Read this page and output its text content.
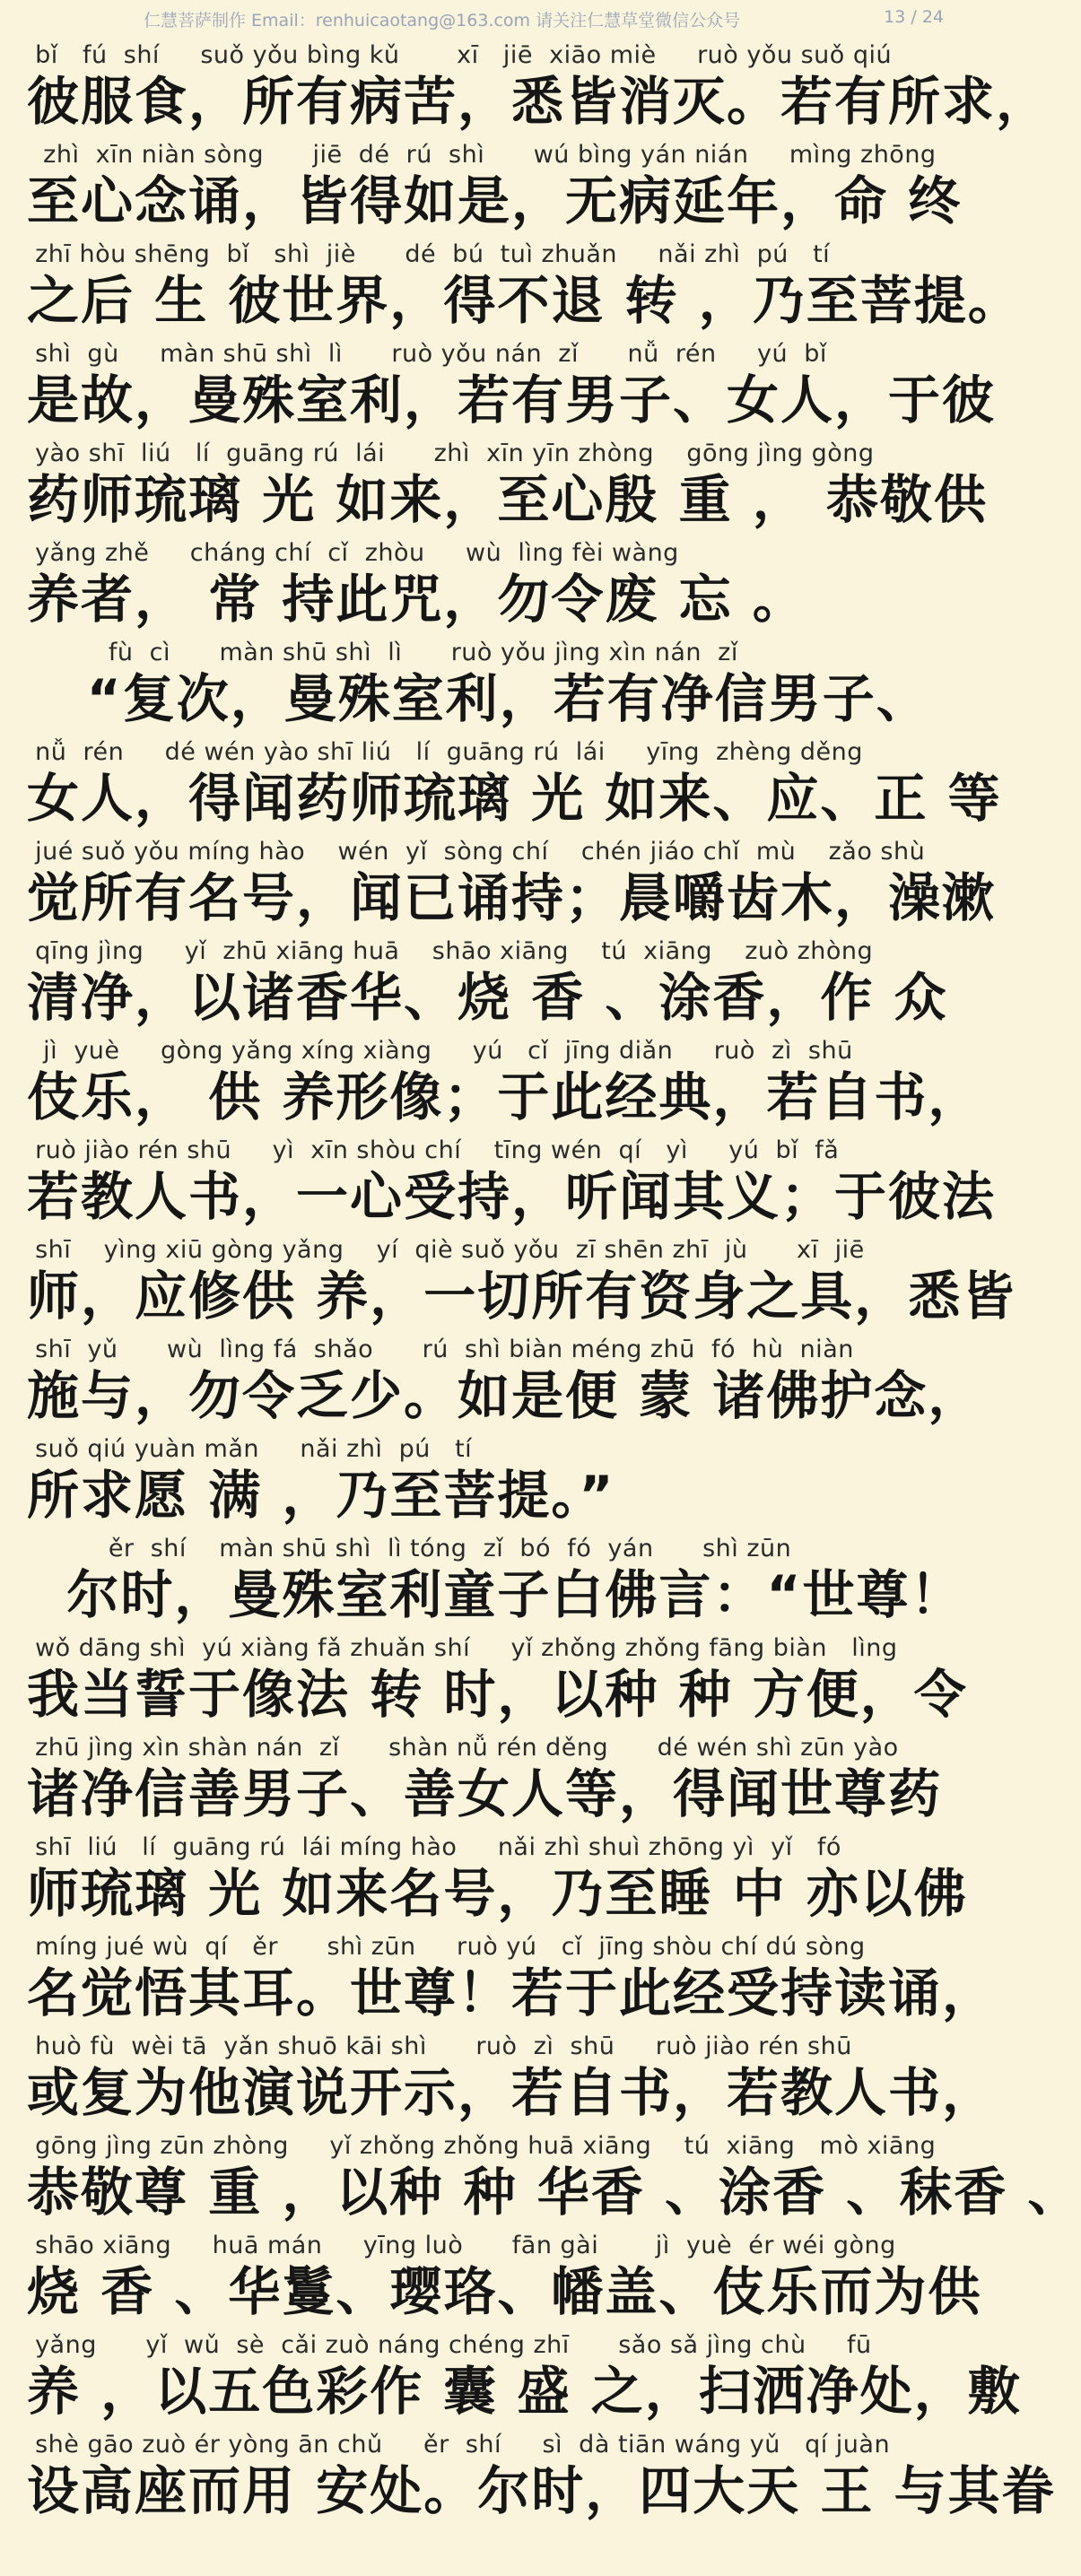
仁慧菩萨制作 Email：renhuicaotang@163.com 请关注仁慧草堂微信公众号	13 / 24
bǐ   fú  shí     suǒ yǒu bìng kǔ       xī   jiē  xiāo miè     ruò yǒu suǒ qiú
彼服食，所有病苦，悉皆消灭。若有所求，
zhì  xīn niàn sòng      jiē  dé  rú  shì      wú bìng yán nián     mìng zhōng
至心念诵，皆得如是，无病延年，命 终
zhī hòu shēng  bǐ   shì  jiè      dé  bú  tuì zhuǎn     nǎi zhì  pú   tí
之后 生 彼世界，得不退 转 ，乃至菩提。
shì  gù     màn shū shì  lì      ruò yǒu nán  zǐ      nǚ  rén     yú  bǐ
是故，曼殊室利，若有男子、女人，于彼
yào shī  liú   lí  guāng rú  lái      zhì  xīn yīn zhòng    gōng jìng gòng
药师琉璃 光 如来，至心殷 重 ， 恭敬供
yǎng zhě     cháng chí  cǐ  zhòu     wù  lìng fèi wàng
养者， 常 持此咒，勿令废 忘 。
fù  cì      màn shū shì  lì      ruò yǒu jìng xìn nán  zǐ
“复次，曼殊室利，若有净信男子、
nǚ  rén     dé wén yào shī liú   lí  guāng rú  lái     yīng  zhèng děng
女人，得闻药师琉璃 光 如来、应、正 等
jué suǒ yǒu míng hào    wén  yǐ  sòng chí    chén jiáo chǐ  mù    zǎo shù
觉所有名号，闻已诵持；晨嚼齿木，澡漱
qīng jìng     yǐ  zhū xiāng huā    shāo xiāng    tú  xiāng    zuò zhòng
清净，以诸香华、烧 香 、涂香，作 众
jì  yuè     gòng yǎng xíng xiàng     yú   cǐ  jīng diǎn     ruò  zì  shū
伎乐， 供 养形像；于此经典，若自书，
ruò jiào rén shū     yì  xīn shòu chí    tīng wén  qí   yì     yú  bǐ  fǎ
若教人书，一心受持，听闻其义；于彼法
shī    yìng xiū gòng yǎng    yí  qiè suǒ yǒu  zī shēn zhī  jù      xī  jiē
师，应修供 养，一切所有资身之具，悉皆
shī  yǔ      wù  lìng fá  shǎo      rú  shì biàn méng zhū  fó  hù  niàn
施与，勿令乏少。如是便 蒙 诸佛护念，
suǒ qiú yuàn mǎn     nǎi zhì  pú   tí
所求愿 满 ，乃至菩提。”
ěr  shí    màn shū shì  lì tóng  zǐ  bó  fó  yán      shì zūn
尔时，曼殊室利童子白佛言：“世尊！
wǒ dāng shì  yú xiàng fǎ zhuǎn shí     yǐ zhǒng zhǒng fāng biàn   lìng
我当誓于像法 转 时，以种 种 方便，令
zhū jìng xìn shàn nán  zǐ      shàn nǚ rén děng      dé wén shì zūn yào
诸净信善男子、善女人等，得闻世尊药
shī  liú   lí  guāng rú  lái míng hào     nǎi zhì shuì zhōng yì  yǐ   fó
师琉璃 光 如来名号，乃至睡 中 亦以佛
míng jué wù  qí   ěr      shì zūn     ruò yú   cǐ  jīng shòu chí dú sòng
名觉悟其耳。世尊！若于此经受持读诵，
huò fù  wèi tā  yǎn shuō kāi shì      ruò  zì  shū     ruò jiào rén shū
或复为他演说开示，若自书，若教人书，
gōng jìng zūn zhòng     yǐ zhǒng zhǒng huā xiāng    tú  xiāng   mò xiāng
恭敬尊 重 ，以种 种 华香 、涂香 、秣香 、
shāo xiāng     huā mán     yīng luò      fān gài       jì  yuè  ér wéi gòng
烧 香 、华鬘、璎珞、幡盖、伎乐而为供
yǎng      yǐ  wǔ  sè  cǎi zuò náng chéng zhī      sǎo sǎ jìng chù     fū
养 ，以五色彩作 囊 盛 之，扫洒净处，敷
shè gāo zuò ér yòng ān chǔ     ěr  shí     sì  dà tiān wáng yǔ   qí juàn
设高座而用 安处。尔时，四大天 王 与其眷
